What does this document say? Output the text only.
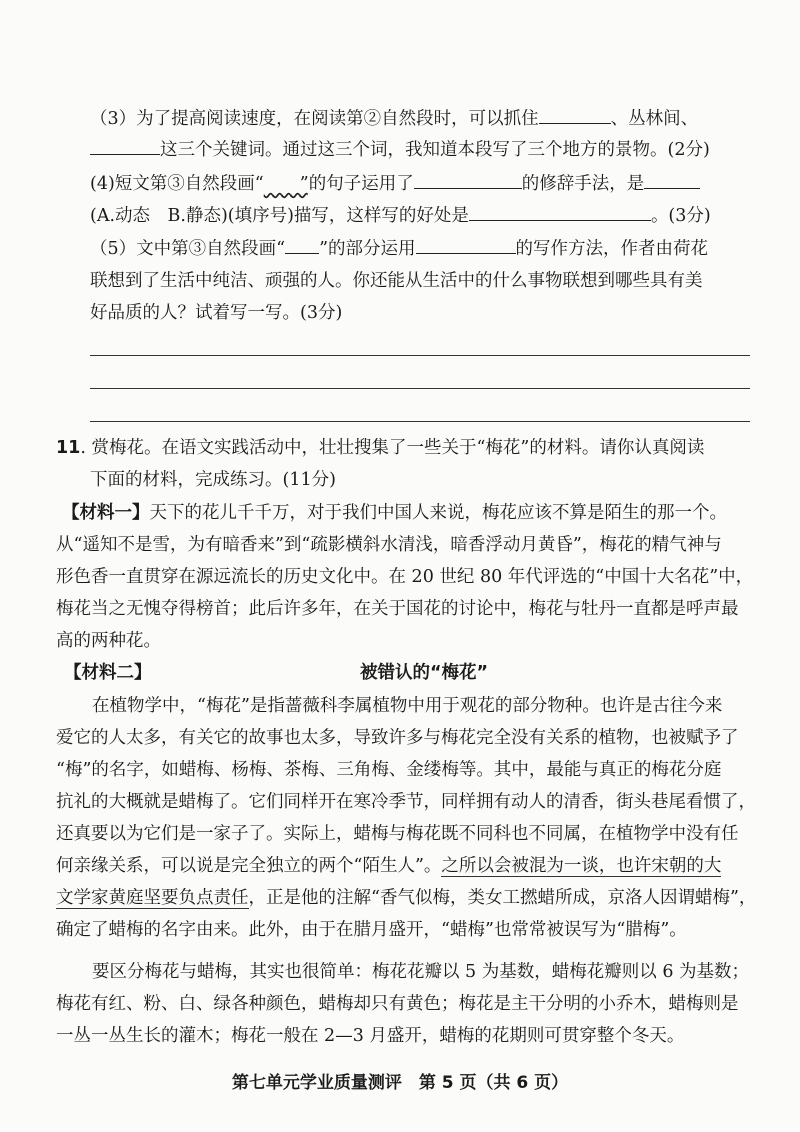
（3）为了提高阅读速度，在阅读第②自然段时，可以抓住	、丛林间、
这三个关键词。通过这三个词，我知道本段写了三个地方的景物。(2分)
(4)短文第③自然段画“ ”的句子运用了	的修辞手法，是
(A.动态　B.静态)(填序号)描写，这样写的好处是	。(3分)
（5）文中第③自然段画“ ”的部分运用	的写作方法，作者由荷花
联想到了生活中纯洁、顽强的人。你还能从生活中的什么事物联想到哪些具有美
好品质的人？试着写一写。(3分)
11. 赏梅花。在语文实践活动中，壮壮搜集了一些关于“梅花”的材料。请你认真阅读
下面的材料，完成练习。(11分)
【材料一】天下的花儿千千万，对于我们中国人来说，梅花应该不算是陌生的那一个。
从“遥知不是雪，为有暗香来”到“疏影横斜水清浅，暗香浮动月黄昏”，梅花的精气神与
形色香一直贯穿在源远流长的历史文化中。在 20 世纪 80 年代评选的“中国十大名花”中，
梅花当之无愧夺得榜首；此后许多年，在关于国花的讨论中，梅花与牡丹一直都是呼声最
高的两种花。
【材料二】	被错认的“梅花”
在植物学中，“梅花”是指蔷薇科李属植物中用于观花的部分物种。也许是古往今来
爱它的人太多，有关它的故事也太多，导致许多与梅花完全没有关系的植物，也被赋予了
“梅”的名字，如蜡梅、杨梅、茶梅、三角梅、金缕梅等。其中，最能与真正的梅花分庭
抗礼的大概就是蜡梅了。它们同样开在寒冷季节，同样拥有动人的清香，街头巷尾看惯了，
还真要以为它们是一家子了。实际上，蜡梅与梅花既不同科也不同属，在植物学中没有任
何亲缘关系，可以说是完全独立的两个“陌生人”。之所以会被混为一谈，也许宋朝的大
文学家黄庭坚要负点责任，正是他的注解“香气似梅，类女工撚蜡所成，京洛人因谓蜡梅”，
确定了蜡梅的名字由来。此外，由于在腊月盛开，“蜡梅”也常常被误写为“腊梅”。
要区分梅花与蜡梅，其实也很简单：梅花花瓣以 5 为基数，蜡梅花瓣则以 6 为基数；
梅花有红、粉、白、绿各种颜色，蜡梅却只有黄色；梅花是主干分明的小乔木，蜡梅则是
一丛一丛生长的灌木；梅花一般在 2—3 月盛开，蜡梅的花期则可贯穿整个冬天。
第七单元学业质量测评　第 5 页（共 6 页）
